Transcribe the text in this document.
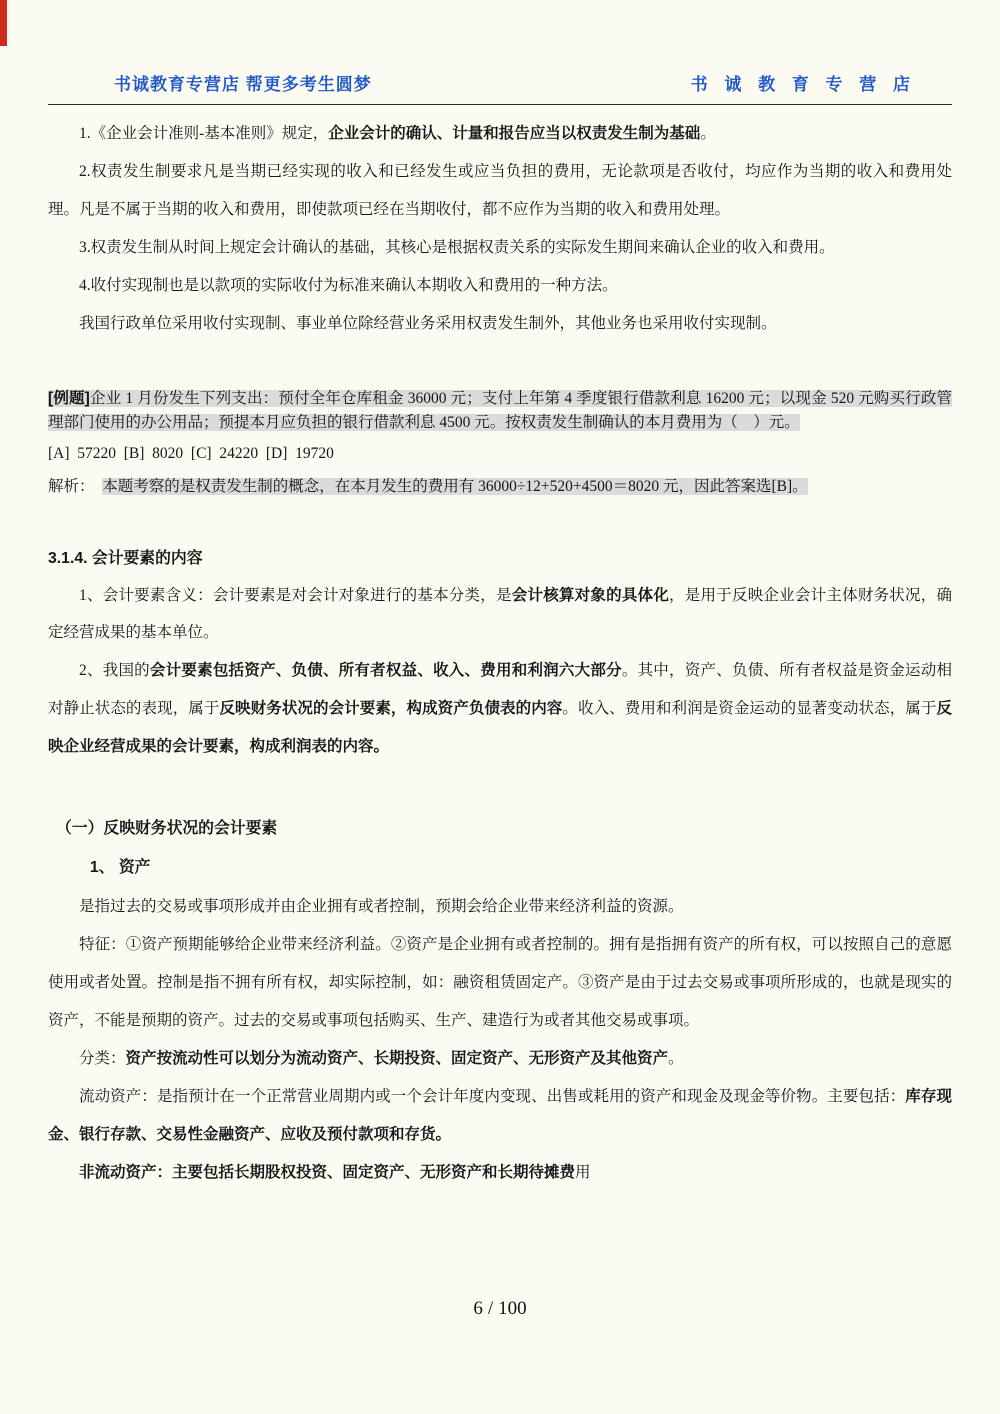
书诚教育专营店 帮更多考生圆梦	书 诚 教 育 专 营 店
1.《企业会计准则-基本准则》规定，企业会计的确认、计量和报告应当以权责发生制为基础。
2.权责发生制要求凡是当期已经实现的收入和已经发生或应当负担的费用，无论款项是否收付，均应作为当期的收入和费用处理。凡是不属于当期的收入和费用，即使款项已经在当期收付，都不应作为当期的收入和费用处理。
3.权责发生制从时间上规定会计确认的基础，其核心是根据权责关系的实际发生期间来确认企业的收入和费用。
4.收付实现制也是以款项的实际收付为标准来确认本期收入和费用的一种方法。
我国行政单位采用收付实现制、事业单位除经营业务采用权责发生制外，其他业务也采用收付实现制。
[例题]企业 1 月份发生下列支出：预付全年仓库租金 36000 元；支付上年第 4 季度银行借款利息 16200 元；以现金 520 元购买行政管理部门使用的办公用品；预提本月应负担的银行借款利息 4500 元。按权责发生制确认的本月费用为（　）元。
[A]  57220  [B]  8020  [C]  24220  [D]  19720
解析：　本题考察的是权责发生制的概念，在本月发生的费用有 36000÷12+520+4500＝8020 元，因此答案选[B]。
3.1.4. 会计要素的内容
1、会计要素含义：会计要素是对会计对象进行的基本分类，是会计核算对象的具体化，是用于反映企业会计主体财务状况，确定经营成果的基本单位。
2、我国的会计要素包括资产、负债、所有者权益、收入、费用和利润六大部分。其中，资产、负债、所有者权益是资金运动相对静止状态的表现，属于反映财务状况的会计要素，构成资产负债表的内容。收入、费用和利润是资金运动的显著变动状态，属于反映企业经营成果的会计要素，构成利润表的内容。
（一）反映财务状况的会计要素
1、 资产
是指过去的交易或事项形成并由企业拥有或者控制，预期会给企业带来经济利益的资源。
特征：①资产预期能够给企业带来经济利益。②资产是企业拥有或者控制的。拥有是指拥有资产的所有权，可以按照自己的意愿使用或者处置。控制是指不拥有所有权，却实际控制，如：融资租赁固定产。③资产是由于过去交易或事项所形成的，也就是现实的资产，不能是预期的资产。过去的交易或事项包括购买、生产、建造行为或者其他交易或事项。
分类：资产按流动性可以划分为流动资产、长期投资、固定资产、无形资产及其他资产。
流动资产：是指预计在一个正常营业周期内或一个会计年度内变现、出售或耗用的资产和现金及现金等价物。主要包括：库存现金、银行存款、交易性金融资产、应收及预付款项和存货。
非流动资产：主要包括长期股权投资、固定资产、无形资产和长期待摊费用
6 / 100
